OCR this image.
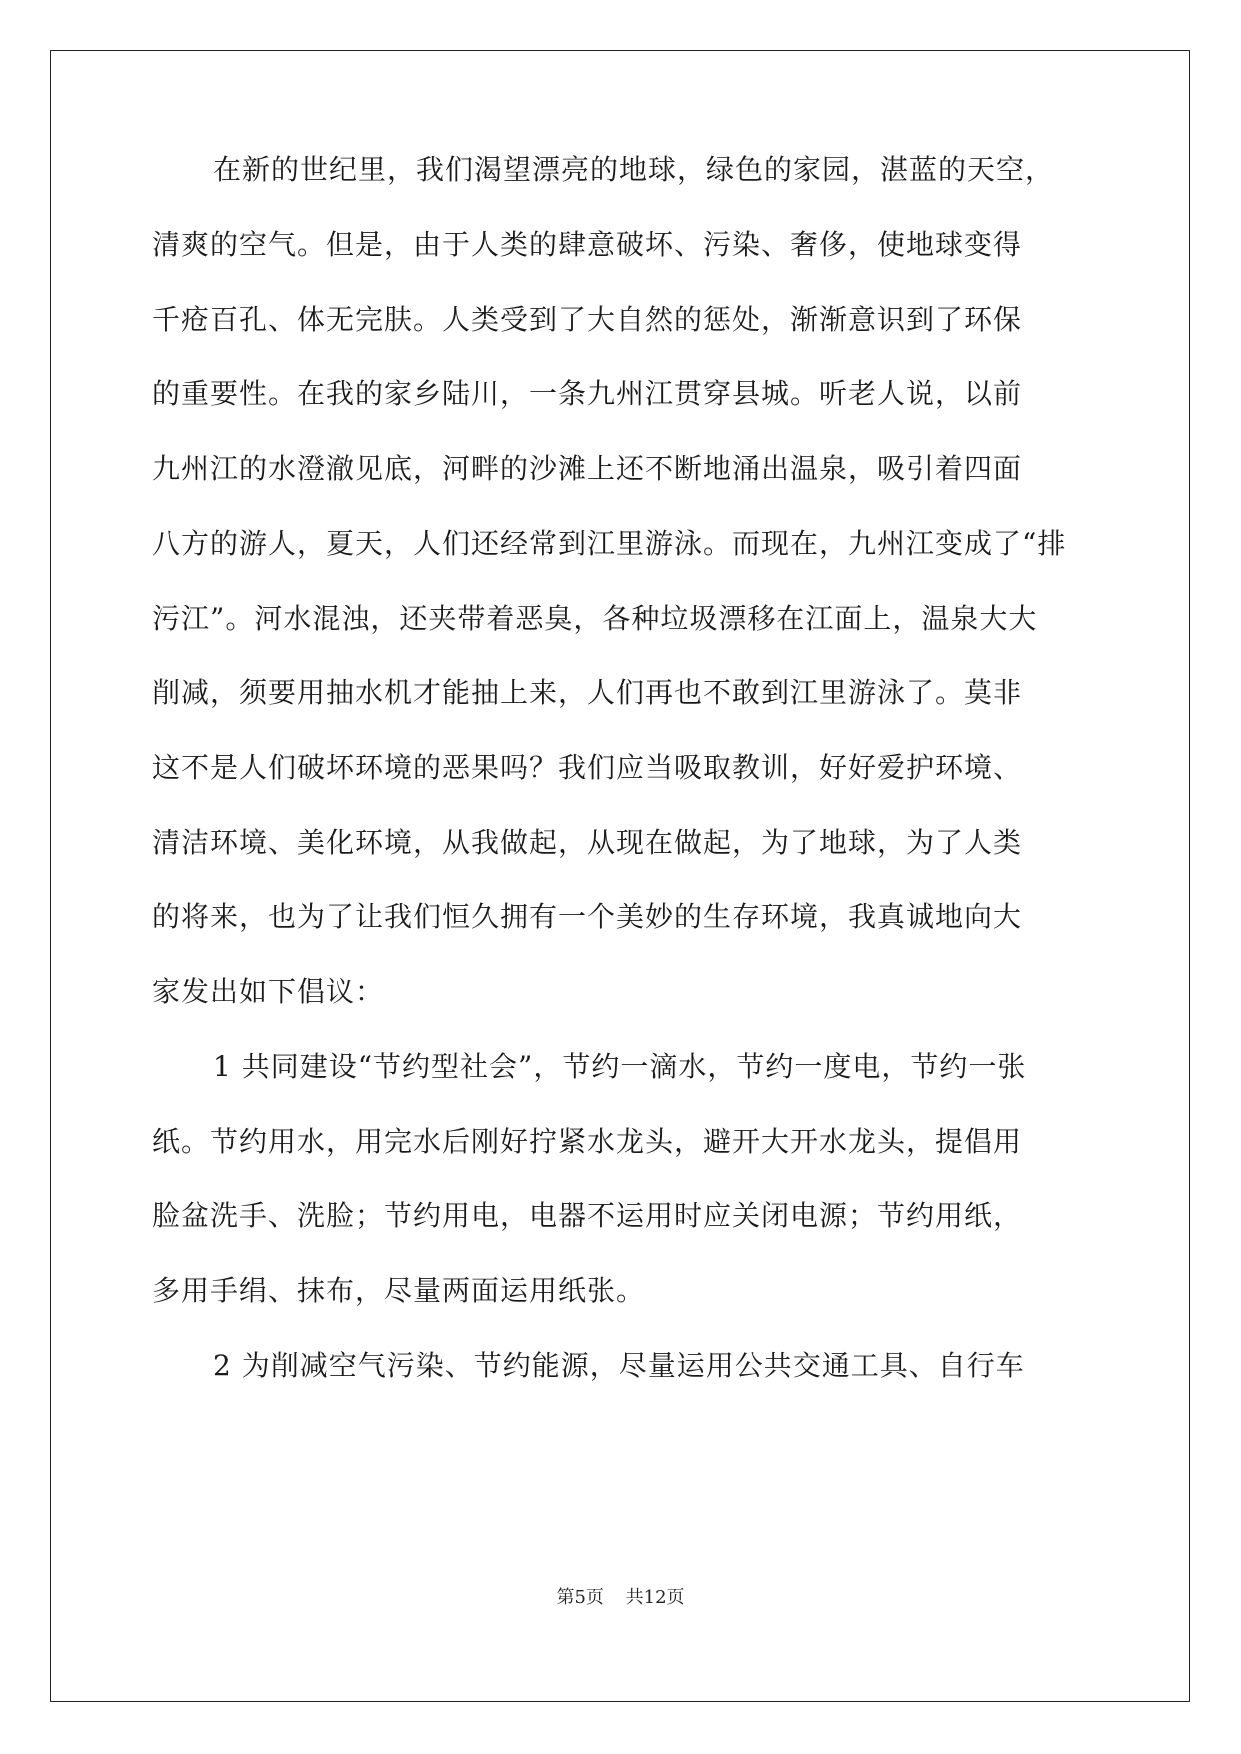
在新的世纪里，我们渴望漂亮的地球，绿色的家园，湛蓝的天空，
清爽的空气。但是，由于人类的肆意破坏、污染、奢侈，使地球变得
千疮百孔、体无完肤。人类受到了大自然的惩处，渐渐意识到了环保
的重要性。在我的家乡陆川，一条九州江贯穿县城。听老人说，以前
九州江的水澄澈见底，河畔的沙滩上还不断地涌出温泉，吸引着四面
八方的游人，夏天，人们还经常到江里游泳。而现在，九州江变成了“排
污江”。河水混浊，还夹带着恶臭，各种垃圾漂移在江面上，温泉大大
削减，须要用抽水机才能抽上来，人们再也不敢到江里游泳了。莫非
这不是人们破坏环境的恶果吗？我们应当吸取教训，好好爱护环境、
清洁环境、美化环境，从我做起，从现在做起，为了地球，为了人类
的将来，也为了让我们恒久拥有一个美妙的生存环境，我真诚地向大
家发出如下倡议：
1 共同建设“节约型社会”，节约一滴水，节约一度电，节约一张
纸。节约用水，用完水后刚好拧紧水龙头，避开大开水龙头，提倡用
脸盆洗手、洗脸；节约用电，电器不运用时应关闭电源；节约用纸，
多用手绢、抹布，尽量两面运用纸张。
2 为削减空气污染、节约能源，尽量运用公共交通工具、自行车
第5页 共12页
